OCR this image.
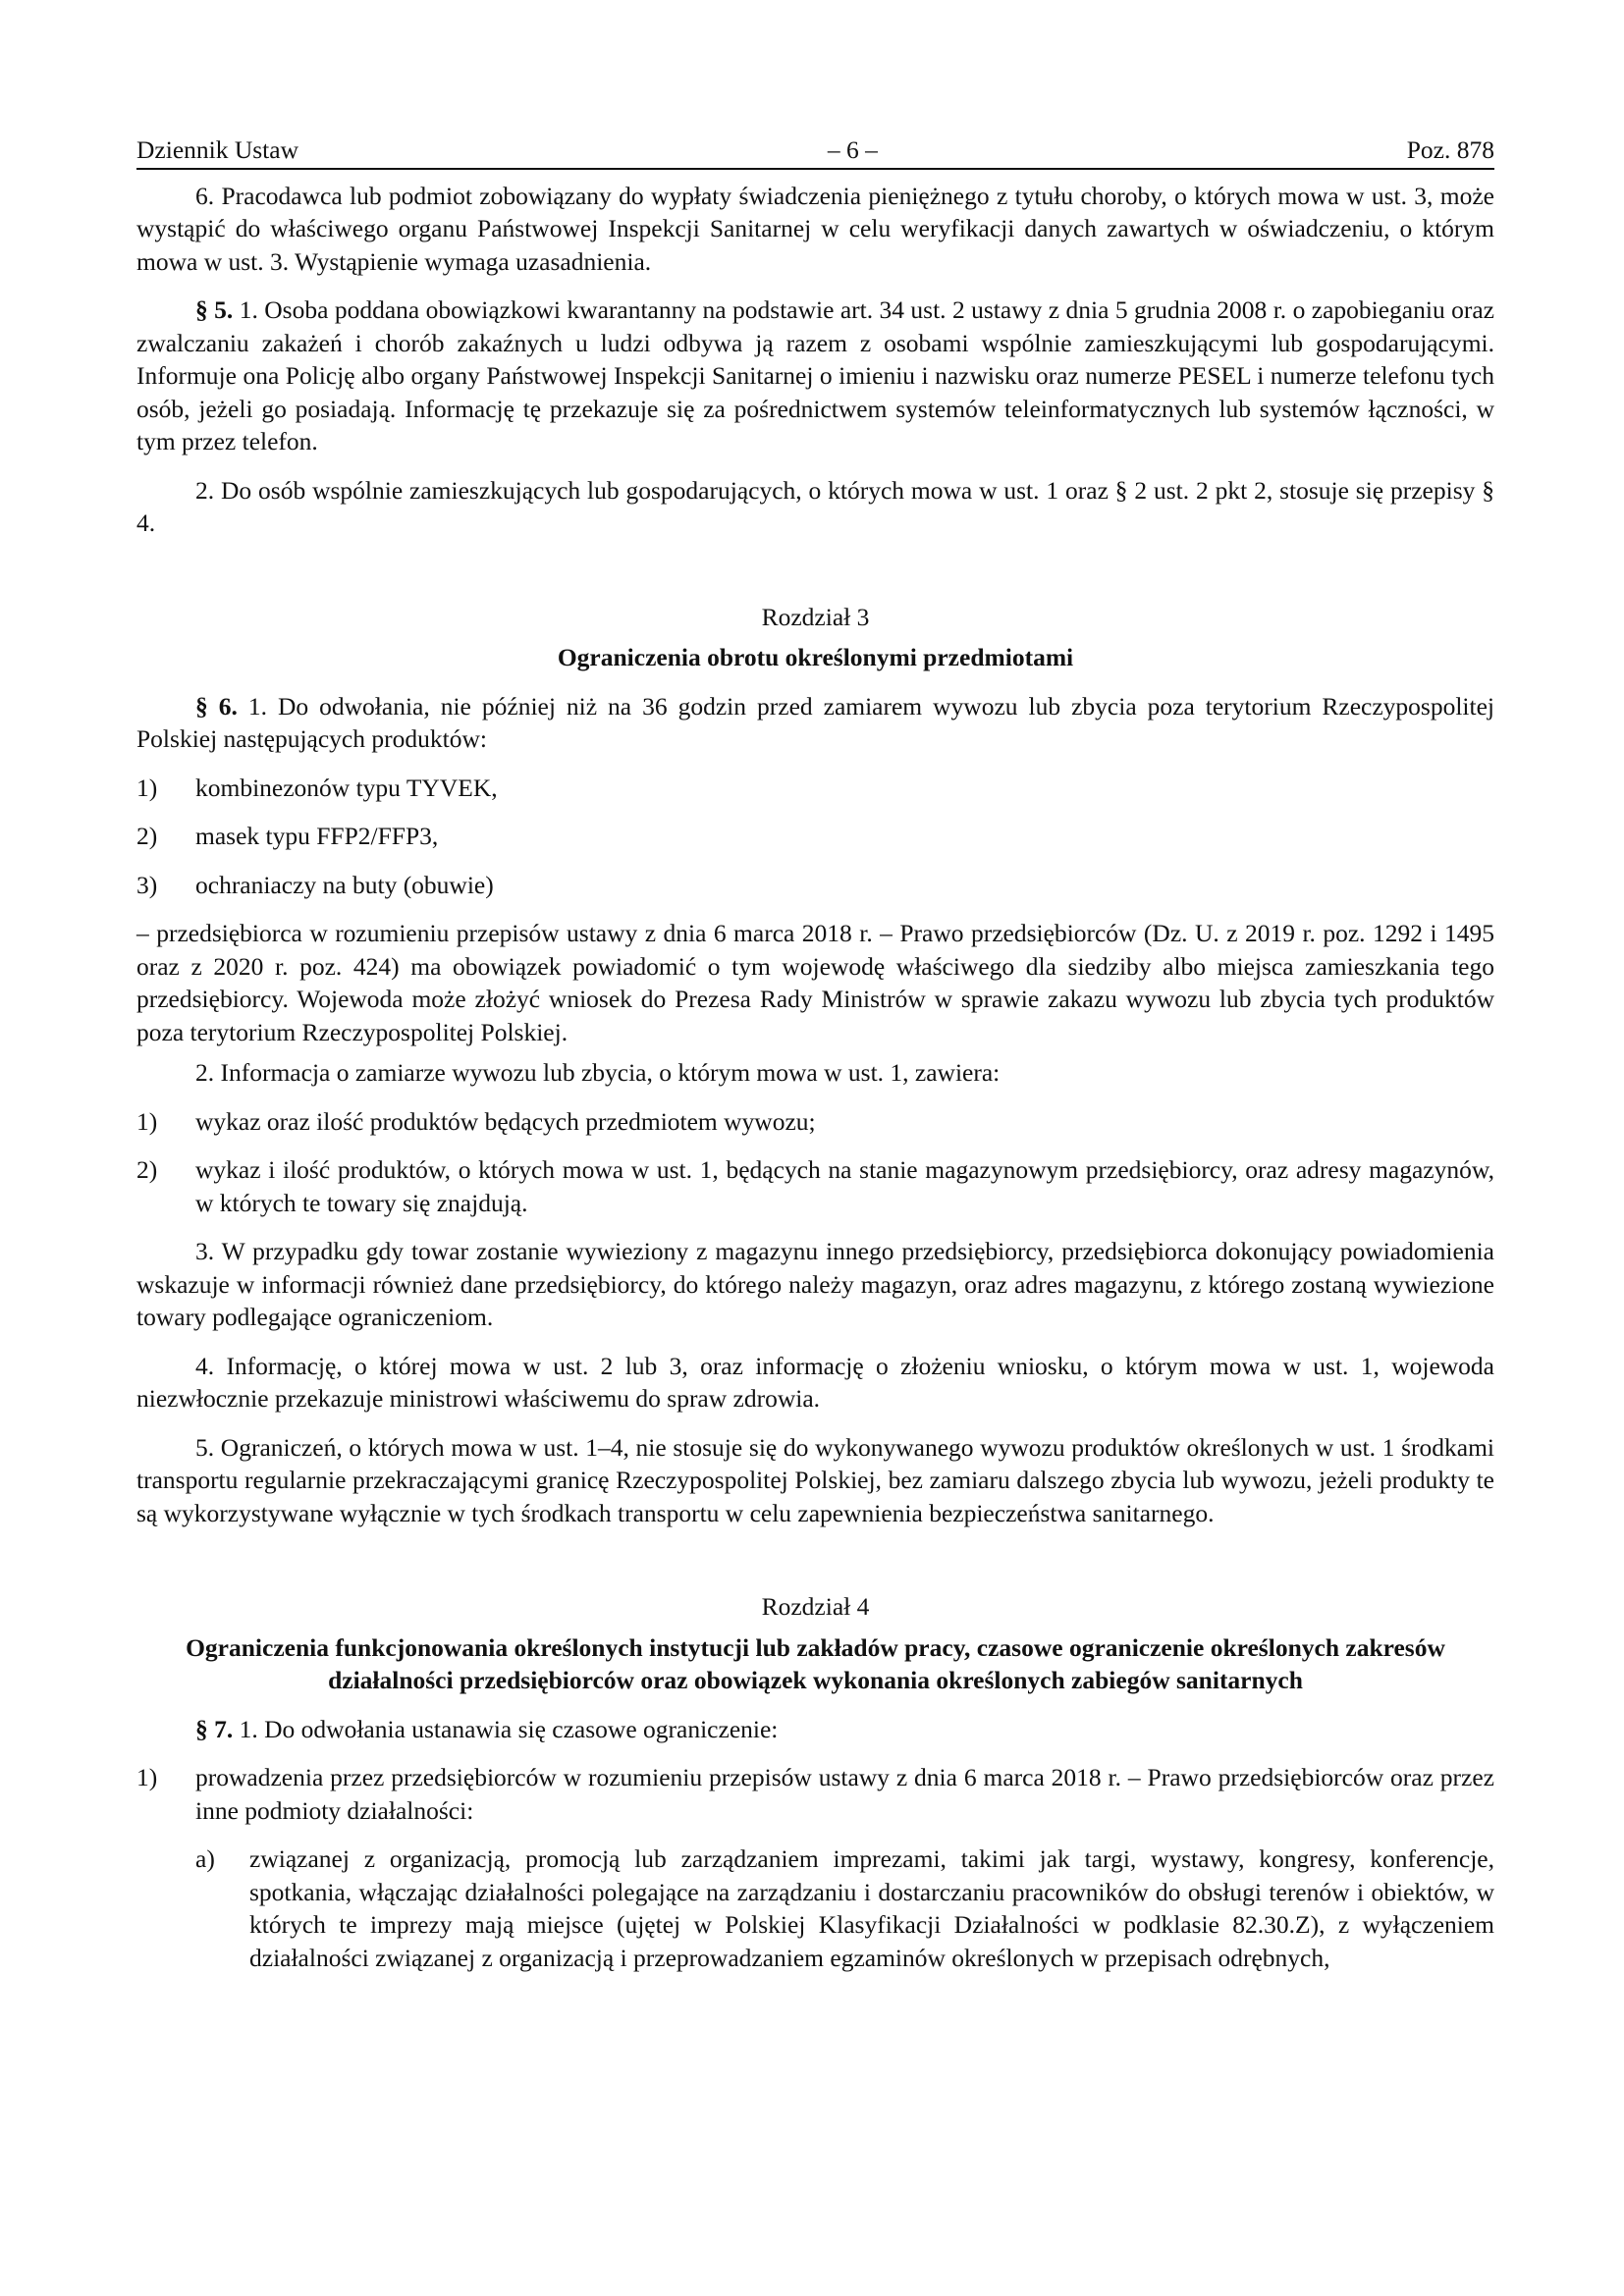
Dziennik Ustaw	– 6 –	Poz. 878

6. Pracodawca lub podmiot zobowiązany do wypłaty świadczenia pieniężnego z tytułu choroby, o których mowa w ust. 3, może wystąpić do właściwego organu Państwowej Inspekcji Sanitarnej w celu weryfikacji danych zawartych w oświadczeniu, o którym mowa w ust. 3. Wystąpienie wymaga uzasadnienia.

§ 5. 1. Osoba poddana obowiązkowi kwarantanny na podstawie art. 34 ust. 2 ustawy z dnia 5 grudnia 2008 r. o zapobieganiu oraz zwalczaniu zakażeń i chorób zakaźnych u ludzi odbywa ją razem z osobami wspólnie zamieszkującymi lub gospodarującymi. Informuje ona Policję albo organy Państwowej Inspekcji Sanitarnej o imieniu i nazwisku oraz numerze PESEL i numerze telefonu tych osób, jeżeli go posiadają. Informację tę przekazuje się za pośrednictwem systemów teleinformatycznych lub systemów łączności, w tym przez telefon.

2. Do osób wspólnie zamieszkujących lub gospodarujących, o których mowa w ust. 1 oraz § 2 ust. 2 pkt 2, stosuje się przepisy § 4.

Rozdział 3
Ograniczenia obrotu określonymi przedmiotami

§ 6. 1. Do odwołania, nie później niż na 36 godzin przed zamiarem wywozu lub zbycia poza terytorium Rzeczypospolitej Polskiej następujących produktów:

1)	kombinezonów typu TYVEK,
2)	masek typu FFP2/FFP3,
3)	ochraniaczy na buty (obuwie)

– przedsiębiorca w rozumieniu przepisów ustawy z dnia 6 marca 2018 r. – Prawo przedsiębiorców (Dz. U. z 2019 r. poz. 1292 i 1495 oraz z 2020 r. poz. 424) ma obowiązek powiadomić o tym wojewodę właściwego dla siedziby albo miejsca zamieszkania tego przedsiębiorcy. Wojewoda może złożyć wniosek do Prezesa Rady Ministrów w sprawie zakazu wywozu lub zbycia tych produktów poza terytorium Rzeczypospolitej Polskiej.

2. Informacja o zamiarze wywozu lub zbycia, o którym mowa w ust. 1, zawiera:

1)	wykaz oraz ilość produktów będących przedmiotem wywozu;
2)	wykaz i ilość produktów, o których mowa w ust. 1, będących na stanie magazynowym przedsiębiorcy, oraz adresy magazynów, w których te towary się znajdują.

3. W przypadku gdy towar zostanie wywieziony z magazynu innego przedsiębiorcy, przedsiębiorca dokonujący powiadomienia wskazuje w informacji również dane przedsiębiorcy, do którego należy magazyn, oraz adres magazynu, z którego zostaną wywiezione towary podlegające ograniczeniom.

4. Informację, o której mowa w ust. 2 lub 3, oraz informację o złożeniu wniosku, o którym mowa w ust. 1, wojewoda niezwłocznie przekazuje ministrowi właściwemu do spraw zdrowia.

5. Ograniczeń, o których mowa w ust. 1–4, nie stosuje się do wykonywanego wywozu produktów określonych w ust. 1 środkami transportu regularnie przekraczającymi granicę Rzeczypospolitej Polskiej, bez zamiaru dalszego zbycia lub wywozu, jeżeli produkty te są wykorzystywane wyłącznie w tych środkach transportu w celu zapewnienia bezpieczeństwa sanitarnego.

Rozdział 4
Ograniczenia funkcjonowania określonych instytucji lub zakładów pracy, czasowe ograniczenie określonych zakresów działalności przedsiębiorców oraz obowiązek wykonania określonych zabiegów sanitarnych

§ 7. 1. Do odwołania ustanawia się czasowe ograniczenie:

1)	prowadzenia przez przedsiębiorców w rozumieniu przepisów ustawy z dnia 6 marca 2018 r. – Prawo przedsiębiorców oraz przez inne podmioty działalności:
a)	związanej z organizacją, promocją lub zarządzaniem imprezami, takimi jak targi, wystawy, kongresy, konferencje, spotkania, włączając działalności polegające na zarządzaniu i dostarczaniu pracowników do obsługi terenów i obiektów, w których te imprezy mają miejsce (ujętej w Polskiej Klasyfikacji Działalności w podklasie 82.30.Z), z wyłączeniem działalności związanej z organizacją i przeprowadzaniem egzaminów określonych w przepisach odrębnych,
